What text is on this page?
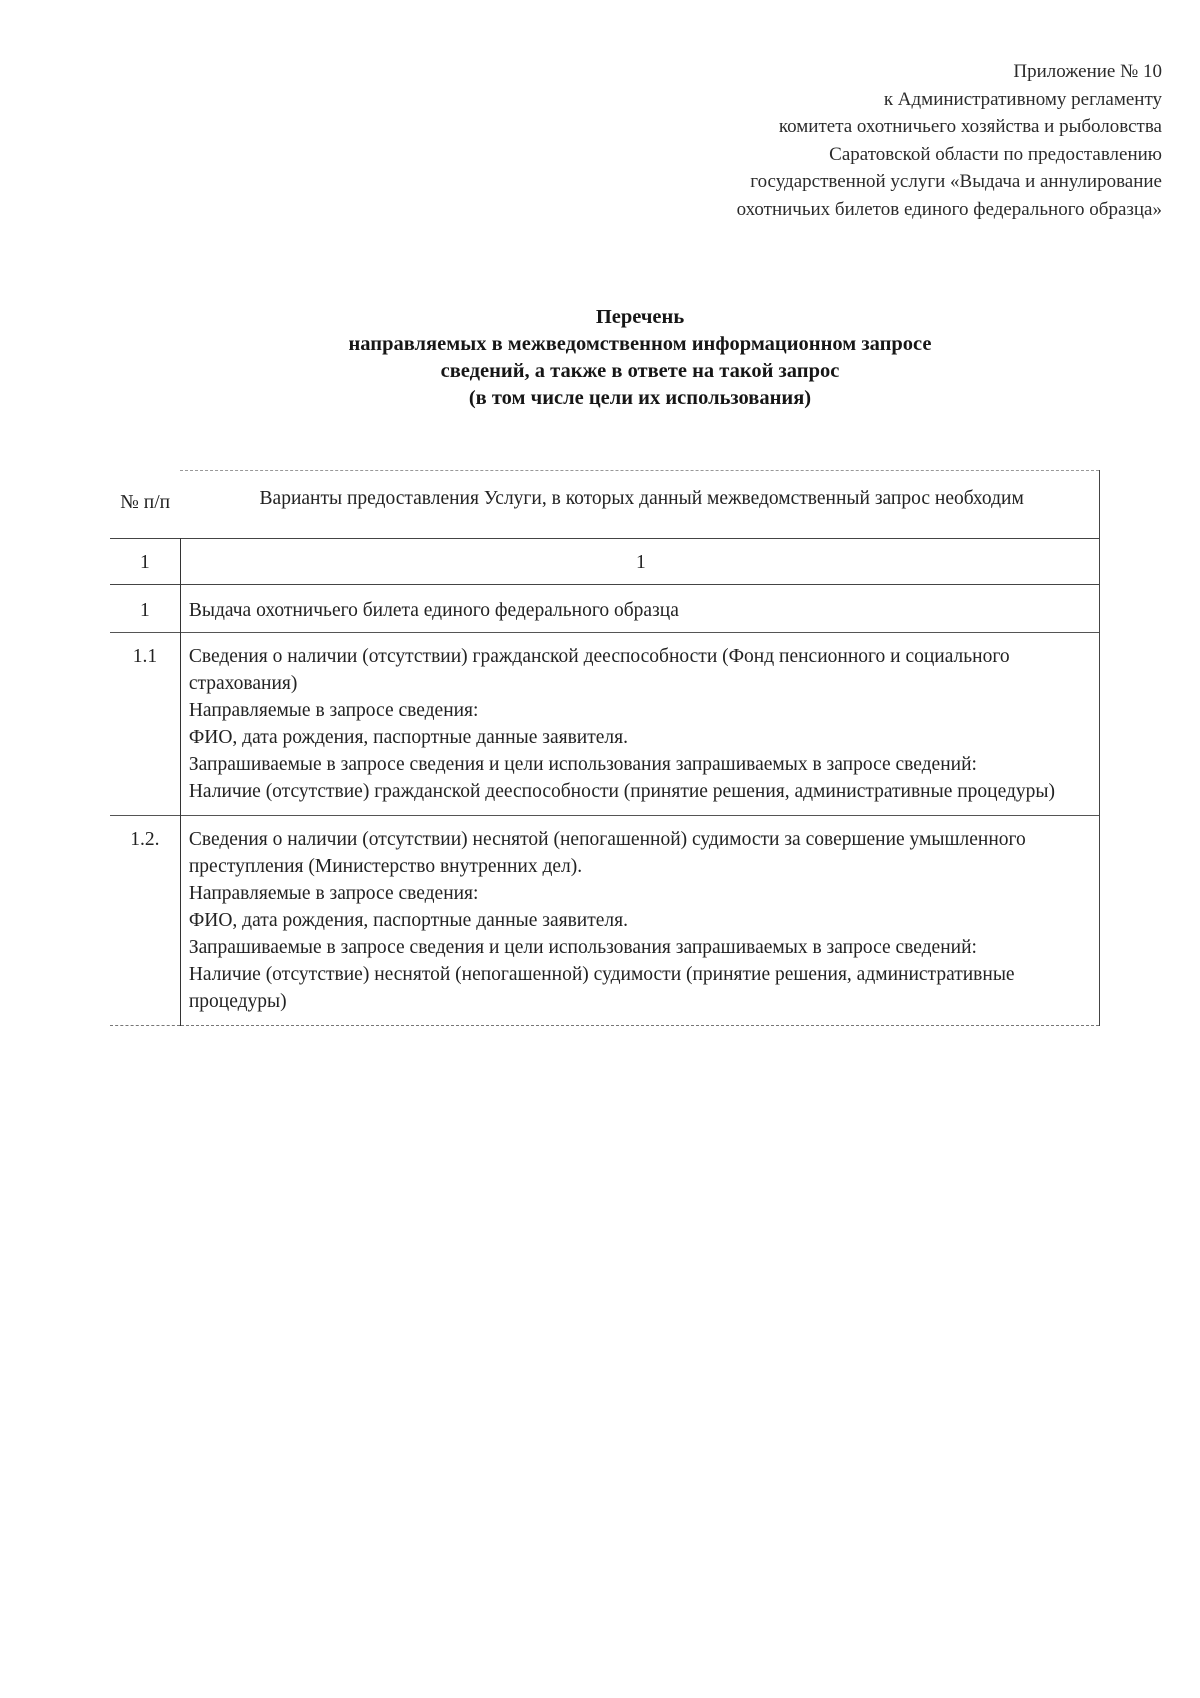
Приложение № 10
к Административному регламенту
комитета охотничьего хозяйства и рыболовства
Саратовской области по предоставлению
государственной услуги «Выдача и аннулирование
охотничьих билетов единого федерального образца»
Перечень
направляемых в межведомственном информационном запросе
сведений, а также в ответе на такой запрос
(в том числе цели их использования)
№ п/п	Варианты предоставления Услуги, в которых данный межведомственный запрос необходим
1	1
1	Выдача охотничьего билета единого федерального образца
1.1	Сведения о наличии (отсутствии) гражданской дееспособности (Фонд пенсионного и социального страхования)
Направляемые в запросе сведения:
ФИО, дата рождения, паспортные данные заявителя.
Запрашиваемые в запросе сведения и цели использования запрашиваемых в запросе сведений:
Наличие (отсутствие) гражданской дееспособности (принятие решения, административные процедуры)

1.2.	Сведения о наличии (отсутствии) неснятой (непогашенной) судимости за совершение умышленного преступления (Министерство внутренних дел).
Направляемые в запросе сведения:
ФИО, дата рождения, паспортные данные заявителя.
Запрашиваемые в запросе сведения и цели использования запрашиваемых в запросе сведений:
Наличие (отсутствие) неснятой (непогашенной) судимости (принятие решения, административные процедуры)
